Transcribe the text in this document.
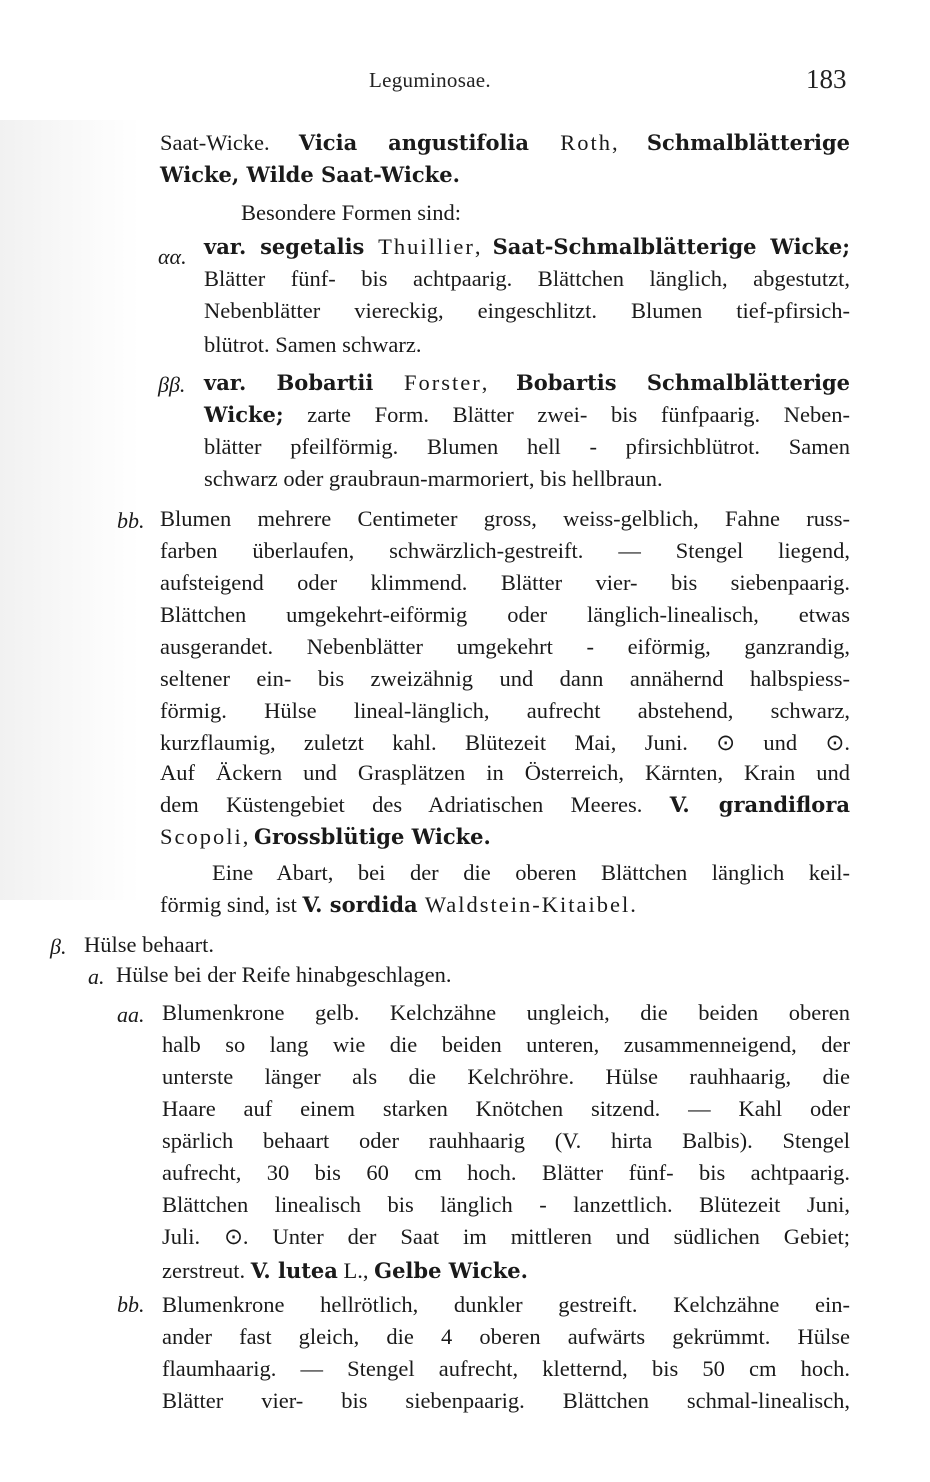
Leguminosae.	183
αα.
ββ.
bb.
β.
a.
aa.
bb.
Saat-Wicke. Vicia angustifolia Roth, Schmalblätterige
Wicke, Wilde Saat-Wicke.
Besondere Formen sind:
var. segetalis Thuillier, Saat-Schmalblätterige Wicke;
Blätter fünf- bis achtpaarig. Blättchen länglich, abgestutzt,
Nebenblätter viereckig, eingeschlitzt. Blumen tief-pfirsich-
blütrot. Samen schwarz.
var. Bobartii Forster, Bobartis Schmalblätterige
Wicke; zarte Form. Blätter zwei- bis fünfpaarig. Neben-
blätter pfeilförmig. Blumen hell - pfirsichblütrot. Samen
schwarz oder graubraun-marmoriert, bis hellbraun.
Blumen mehrere Centimeter gross, weiss-gelblich, Fahne russ-
farben überlaufen, schwärzlich-gestreift. — Stengel liegend,
aufsteigend oder klimmend. Blätter vier- bis siebenpaarig.
Blättchen umgekehrt-eiförmig oder länglich-linealisch, etwas
ausgerandet. Nebenblätter umgekehrt - eiförmig, ganzrandig,
seltener ein- bis zweizähnig und dann annähernd halbspiess-
förmig. Hülse lineal-länglich, aufrecht abstehend, schwarz,
kurzflaumig, zuletzt kahl. Blütezeit Mai, Juni. ⊙ und ⊙.
Auf Äckern und Grasplätzen in Österreich, Kärnten, Krain und
dem Küstengebiet des Adriatischen Meeres. V. grandiflora
Scopoli, Grossblütige Wicke.
Eine Abart, bei der die oberen Blättchen länglich keil-
förmig sind, ist V. sordida Waldstein-Kitaibel.
Hülse behaart.
Hülse bei der Reife hinabgeschlagen.
Blumenkrone gelb. Kelchzähne ungleich, die beiden oberen
halb so lang wie die beiden unteren, zusammenneigend, der
unterste länger als die Kelchröhre. Hülse rauhhaarig, die
Haare auf einem starken Knötchen sitzend. — Kahl oder
spärlich behaart oder rauhhaarig (V. hirta Balbis). Stengel
aufrecht, 30 bis 60 cm hoch. Blätter fünf- bis achtpaarig.
Blättchen linealisch bis länglich - lanzettlich. Blütezeit Juni,
Juli. ⊙. Unter der Saat im mittleren und südlichen Gebiet;
zerstreut. V. lutea L., Gelbe Wicke.
Blumenkrone hellrötlich, dunkler gestreift. Kelchzähne ein-
ander fast gleich, die 4 oberen aufwärts gekrümmt. Hülse
flaumhaarig. — Stengel aufrecht, kletternd, bis 50 cm hoch.
Blätter vier- bis siebenpaarig. Blättchen schmal-linealisch,
